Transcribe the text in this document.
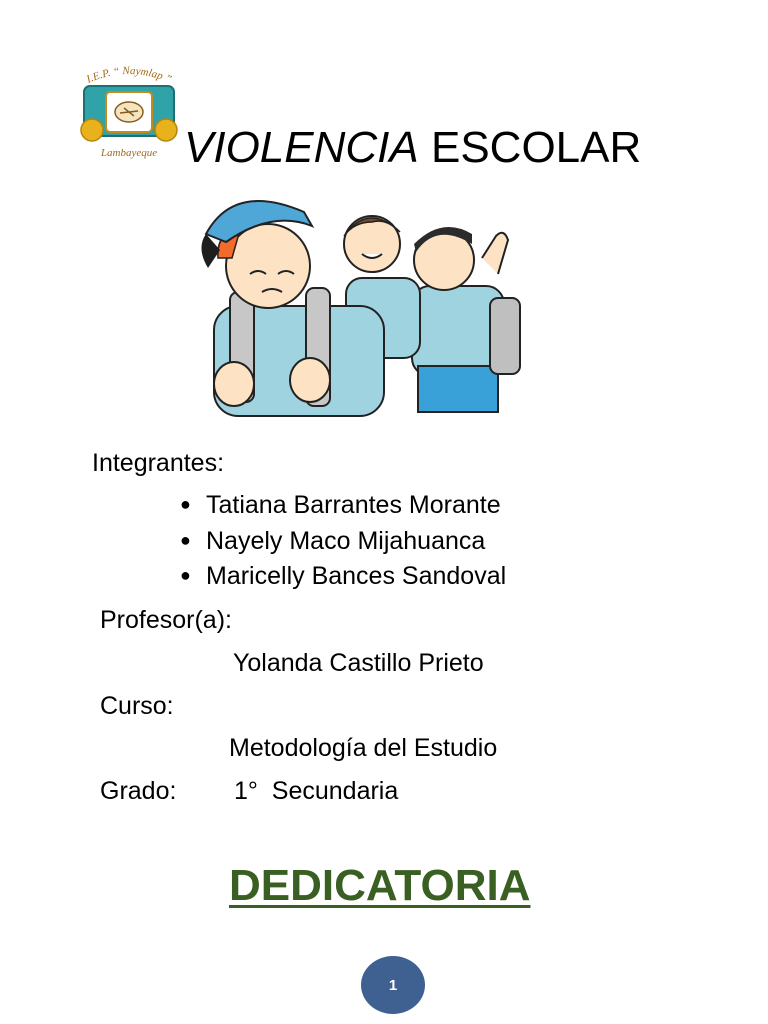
I.E.P. “ Naymlap ”
Lambayeque VIOLENCIA ESCOLAR
Integrantes:
● Tatiana Barrantes Morante
● Nayely Maco Mijahuanca
● Maricelly Bances Sandoval
Profesor(a):
Yolanda Castillo Prieto
Curso:
Metodología del Estudio
Grado: 1°  Secundaria
DEDICATORIA
1
